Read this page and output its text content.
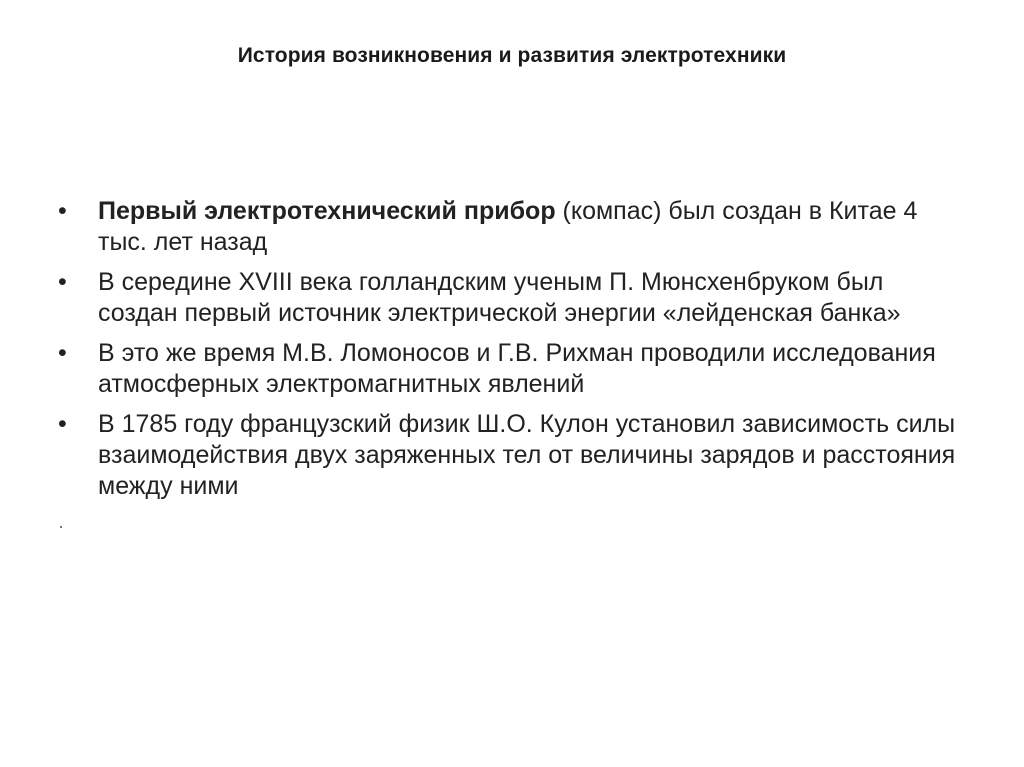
История возникновения и развития электротехники
•	Первый электротехнический прибор (компас) был создан в Китае 4 тыс. лет назад
•	В середине XVIII века голландским ученым П. Мюнсхенбруком был создан первый источник электрической энергии «лейденская банка»
•	В это же время М.В. Ломоносов и Г.В. Рихман проводили исследования атмосферных электромагнитных явлений
•	В 1785 году французский физик Ш.О. Кулон установил зависимость силы взаимодействия двух заряженных тел от величины зарядов и расстояния между ними
